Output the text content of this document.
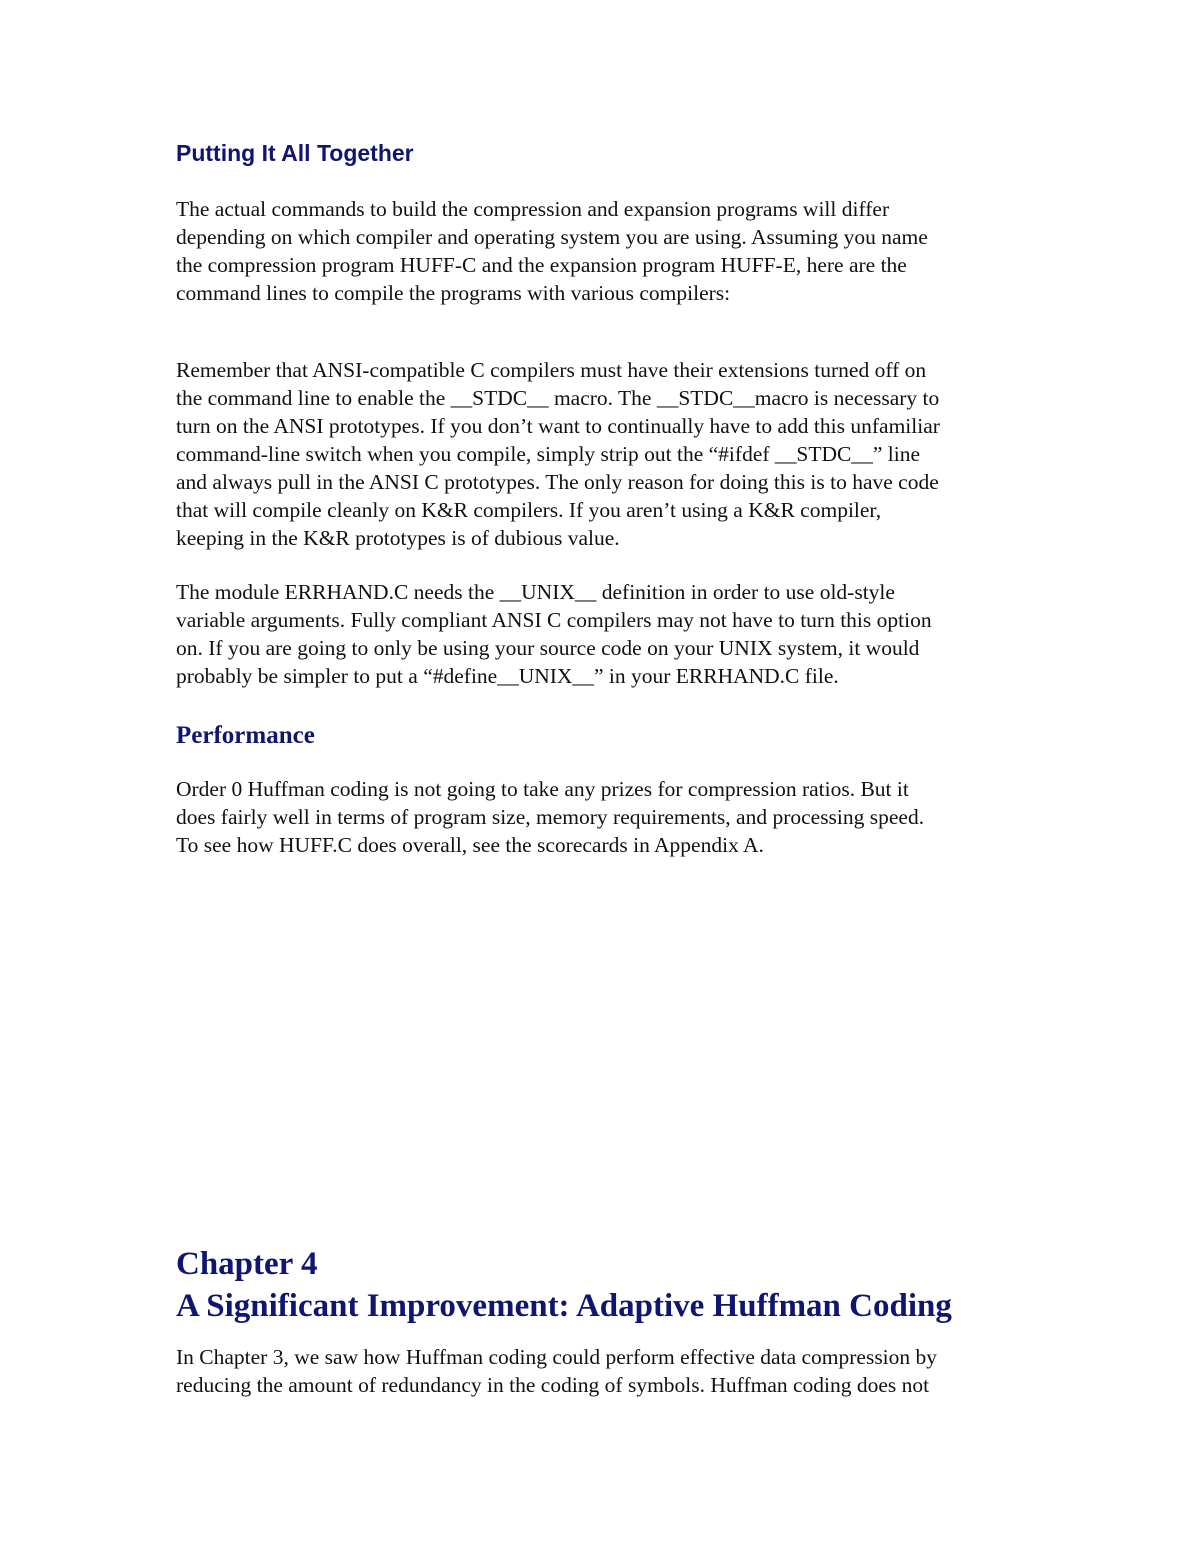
Putting It All Together

The actual commands to build the compression and expansion programs will differ
depending on which compiler and operating system you are using. Assuming you name
the compression program HUFF-C and the expansion program HUFF-E, here are the
command lines to compile the programs with various compilers:

Remember that ANSI-compatible C compilers must have their extensions turned off on
the command line to enable the __STDC__ macro. The __STDC__macro is necessary to
turn on the ANSI prototypes. If you don’t want to continually have to add this unfamiliar
command-line switch when you compile, simply strip out the “#ifdef __STDC__” line
and always pull in the ANSI C prototypes. The only reason for doing this is to have code
that will compile cleanly on K&R compilers. If you aren’t using a K&R compiler,
keeping in the K&R prototypes is of dubious value.

The module ERRHAND.C needs the __UNIX__ definition in order to use old-style
variable arguments. Fully compliant ANSI C compilers may not have to turn this option
on. If you are going to only be using your source code on your UNIX system, it would
probably be simpler to put a “#define__UNIX__” in your ERRHAND.C file.

Performance

Order 0 Huffman coding is not going to take any prizes for compression ratios. But it
does fairly well in terms of program size, memory requirements, and processing speed.
To see how HUFF.C does overall, see the scorecards in Appendix A.

Chapter 4
A Significant Improvement: Adaptive Huffman Coding

In Chapter 3, we saw how Huffman coding could perform effective data compression by
reducing the amount of redundancy in the coding of symbols. Huffman coding does not
